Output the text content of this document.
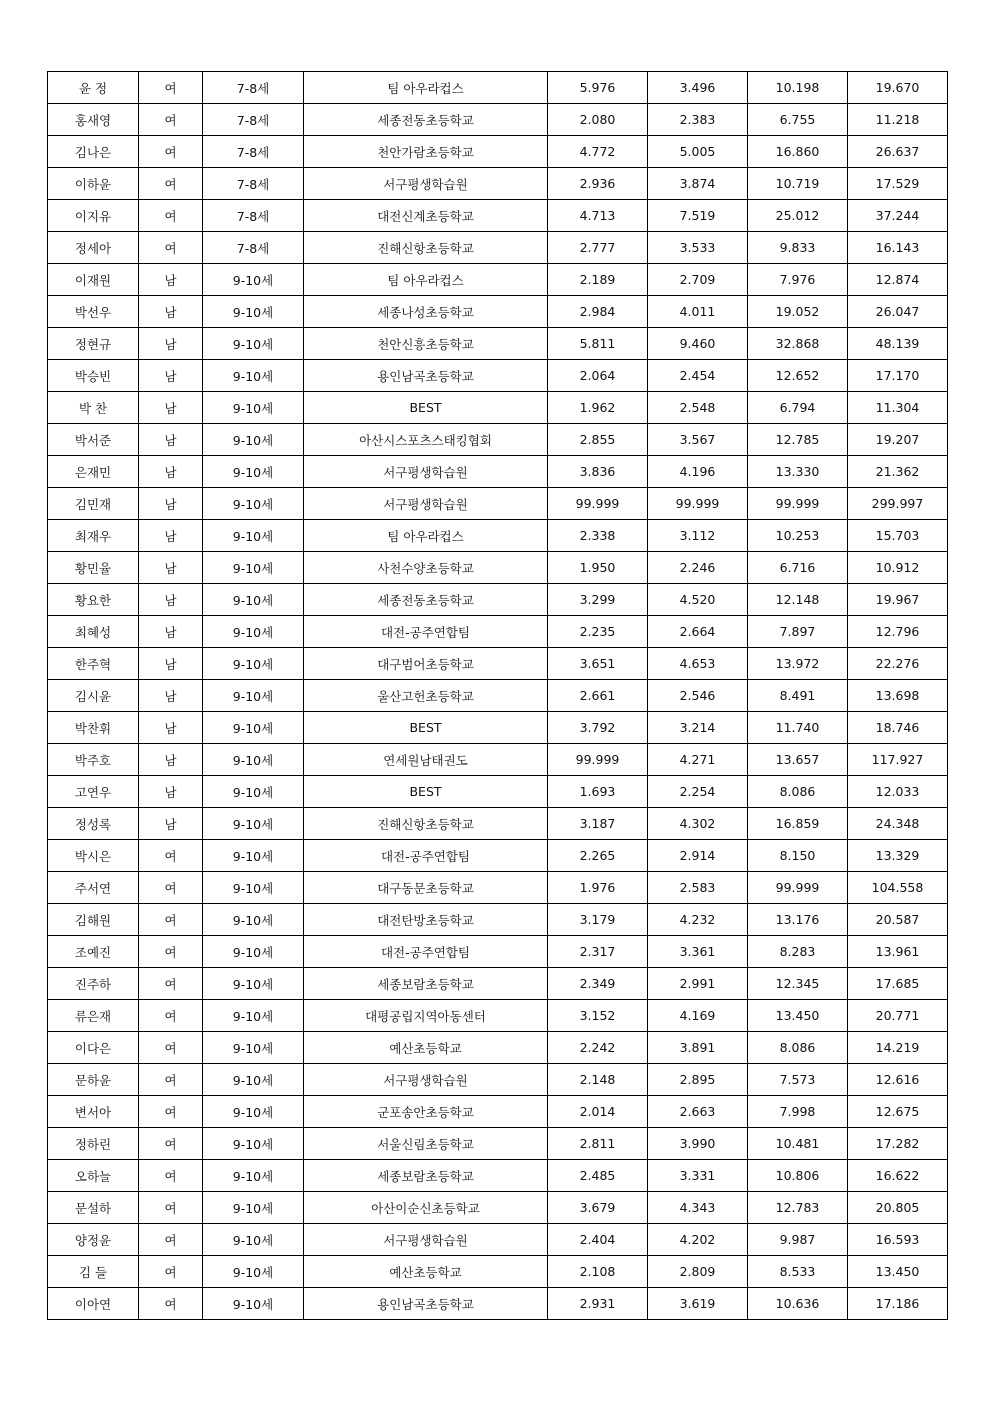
윤 정	여	7-8세	팀 아우라컵스	5.976	3.496	10.198	19.670
홍새영	여	7-8세	세종전동초등학교	2.080	2.383	6.755	11.218
김나은	여	7-8세	천안가람초등학교	4.772	5.005	16.860	26.637
이하윤	여	7-8세	서구평생학습원	2.936	3.874	10.719	17.529
이지유	여	7-8세	대전신계초등학교	4.713	7.519	25.012	37.244
정세아	여	7-8세	진해신항초등학교	2.777	3.533	9.833	16.143
이재원	남	9-10세	팀 아우라컵스	2.189	2.709	7.976	12.874
박선우	남	9-10세	세종나성초등학교	2.984	4.011	19.052	26.047
정현규	남	9-10세	천안신흥초등학교	5.811	9.460	32.868	48.139
박승빈	남	9-10세	용인남곡초등학교	2.064	2.454	12.652	17.170
박 찬	남	9-10세	BEST	1.962	2.548	6.794	11.304
박서준	남	9-10세	아산시스포츠스태킹협회	2.855	3.567	12.785	19.207
은재민	남	9-10세	서구평생학습원	3.836	4.196	13.330	21.362
김민재	남	9-10세	서구평생학습원	99.999	99.999	99.999	299.997
최재우	남	9-10세	팀 아우라컵스	2.338	3.112	10.253	15.703
황민율	남	9-10세	사천수양초등학교	1.950	2.246	6.716	10.912
황요한	남	9-10세	세종전동초등학교	3.299	4.520	12.148	19.967
최혜성	남	9-10세	대전-공주연합팀	2.235	2.664	7.897	12.796
한주혁	남	9-10세	대구범어초등학교	3.651	4.653	13.972	22.276
김시윤	남	9-10세	울산고헌초등학교	2.661	2.546	8.491	13.698
박찬휘	남	9-10세	BEST	3.792	3.214	11.740	18.746
박주호	남	9-10세	연세원남태권도	99.999	4.271	13.657	117.927
고연우	남	9-10세	BEST	1.693	2.254	8.086	12.033
정성록	남	9-10세	진해신항초등학교	3.187	4.302	16.859	24.348
박시은	여	9-10세	대전-공주연합팀	2.265	2.914	8.150	13.329
주서연	여	9-10세	대구동문초등학교	1.976	2.583	99.999	104.558
김해원	여	9-10세	대전탄방초등학교	3.179	4.232	13.176	20.587
조예진	여	9-10세	대전-공주연합팀	2.317	3.361	8.283	13.961
진주하	여	9-10세	세종보람초등학교	2.349	2.991	12.345	17.685
류은재	여	9-10세	대평공립지역아동센터	3.152	4.169	13.450	20.771
이다은	여	9-10세	예산초등학교	2.242	3.891	8.086	14.219
문하윤	여	9-10세	서구평생학습원	2.148	2.895	7.573	12.616
변서아	여	9-10세	군포송안초등학교	2.014	2.663	7.998	12.675
정하린	여	9-10세	서울신림초등학교	2.811	3.990	10.481	17.282
오하늘	여	9-10세	세종보람초등학교	2.485	3.331	10.806	16.622
문설하	여	9-10세	아산이순신초등학교	3.679	4.343	12.783	20.805
양정윤	여	9-10세	서구평생학습원	2.404	4.202	9.987	16.593
김 들	여	9-10세	예산초등학교	2.108	2.809	8.533	13.450
이아연	여	9-10세	용인남곡초등학교	2.931	3.619	10.636	17.186
